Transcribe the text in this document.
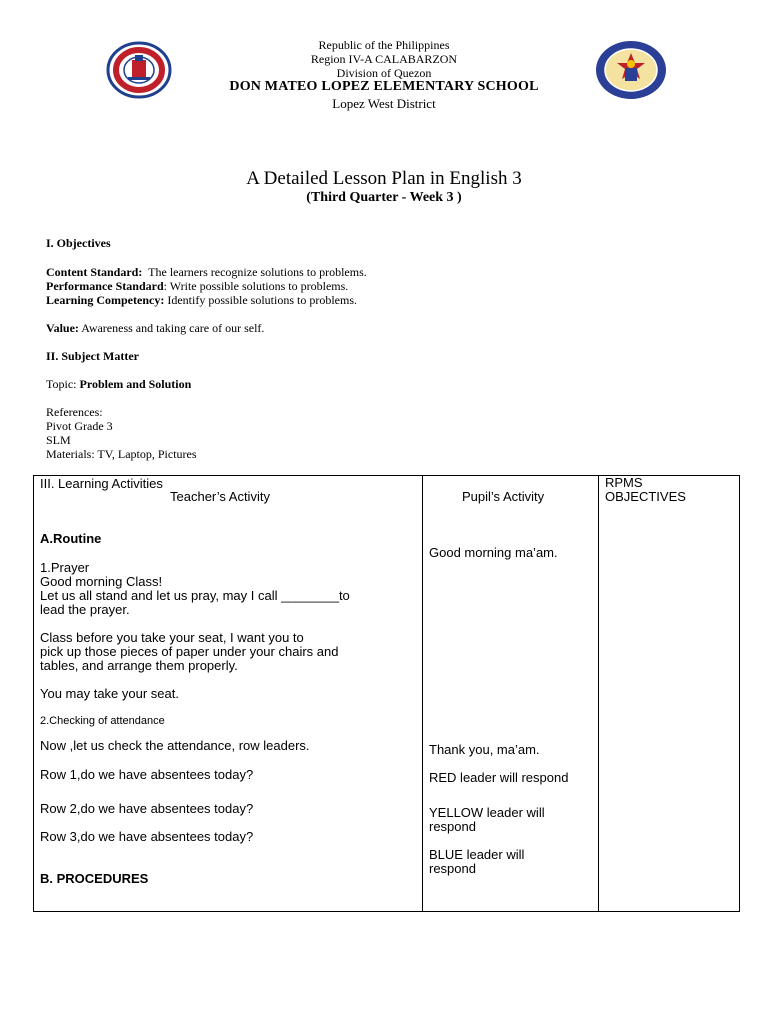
Republic of the Philippines
Region IV-A CALABARZON
Division of Quezon
DON MATEO LOPEZ ELEMENTARY SCHOOL
Lopez West District
A Detailed Lesson Plan in English 3
(Third Quarter - Week 3 )
I. Objectives
Content Standard: The learners recognize solutions to problems.
Performance Standard: Write possible solutions to problems.
Learning Competency: Identify possible solutions to problems.
Value: Awareness and taking care of our self.
II. Subject Matter
Topic: Problem and Solution
References:
Pivot Grade 3
SLM
Materials: TV, Laptop, Pictures
III. Learning Activities
Teacher’s Activity	Pupil’s Activity
RPMS
OBJECTIVES
A.Routine
1.Prayer
Good morning Class!
Let us all stand and let us pray, may I call ________to
lead the prayer.
Class before you take your seat, I want you to
pick up those pieces of paper under your chairs and
tables, and arrange them properly.
You may take your seat.
2.Checking of attendance
Now ,let us check the attendance, row leaders.
Row 1,do we have absentees today?
Row 2,do we have absentees today?
Row 3,do we have absentees today?
B. PROCEDURES
Good morning ma’am.
Thank you, ma’am.
RED leader will respond
YELLOW leader will
respond
BLUE leader will
respond
